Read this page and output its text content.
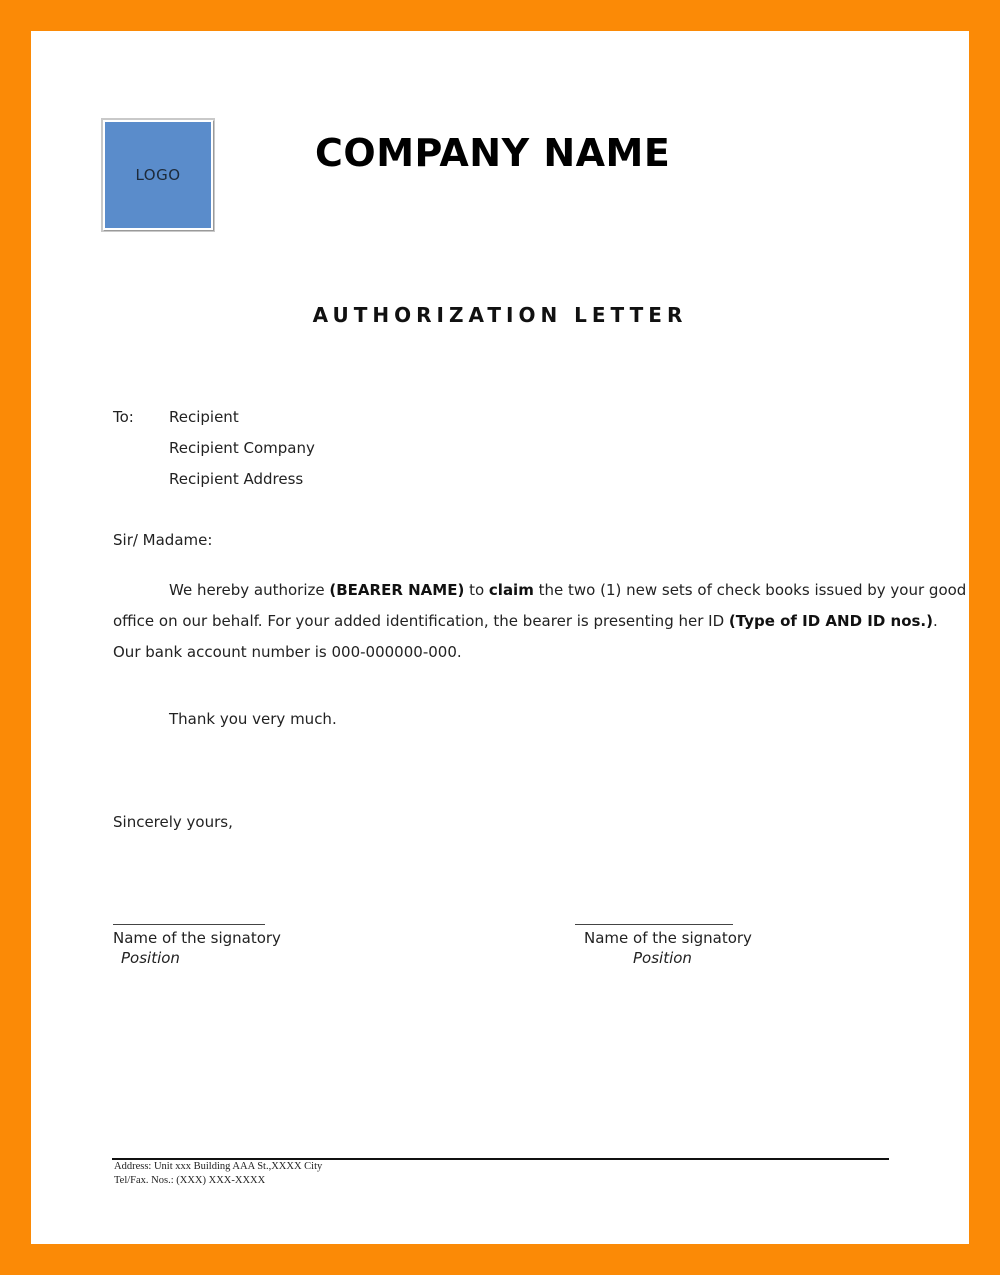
LOGO	COMPANY NAME
AUTHORIZATION LETTER
To: Recipient
Recipient Company
Recipient Address
Sir/ Madame:
We hereby authorize (BEARER NAME) to claim the two (1) new sets of check books issued by your good
office on our behalf. For your added identification, the bearer is presenting her ID (Type of ID AND ID nos.).
Our bank account number is 000-000000-000.
Thank you very much.
Sincerely yours,
Name of the signatory
Position
Name of the signatory
Position
Address: Unit xxx Building AAA St.,XXXX City
Tel/Fax. Nos.: (XXX) XXX-XXXX
